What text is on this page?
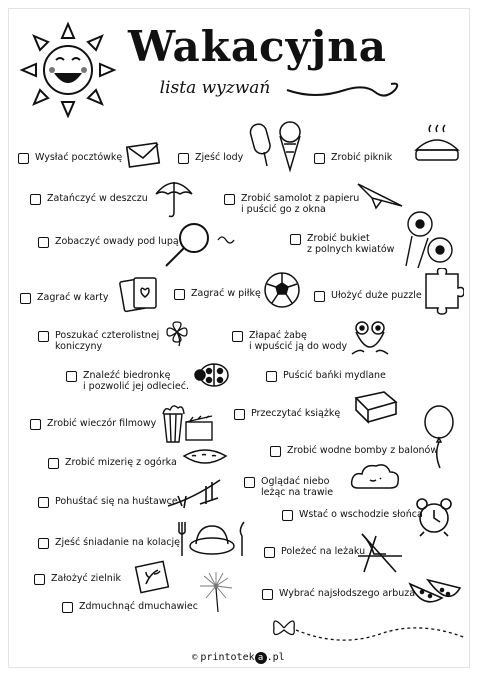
Wakacyjna
lista wyzwań
Wysłać pocztówkę	Zjeść lody	Zrobić piknik
Zatańczyć w deszczu	Zrobić samolot z papieru
i puścić go z okna
Zobaczyć owady pod lupą	Zrobić bukiet
z polnych kwiatów
Zagrać w karty	Zagrać w piłkę	Ułożyć duże puzzle
Poszukać czterolistnej
koniczyny
Złapać żabę
i wpuścić ją do wody
Znaleźć biedronkę
i pozwolić jej odlecieć.
Puścić bańki mydlane
Zrobić wieczór filmowy
Przeczytać książkę
Zrobić wodne bomby z balonów
Zrobić mizerię z ogórka
Oglądać niebo
leżąc na trawie
Pohuśtać się na huśtawce
Wstać o wschodzie słońca
Zjeść śniadanie na kolację
Poleżeć na leżaku
Założyć zielnik
Wybrać najsłodszego arbuza
Zdmuchnąć dmuchawiec
© printotek a .pl
